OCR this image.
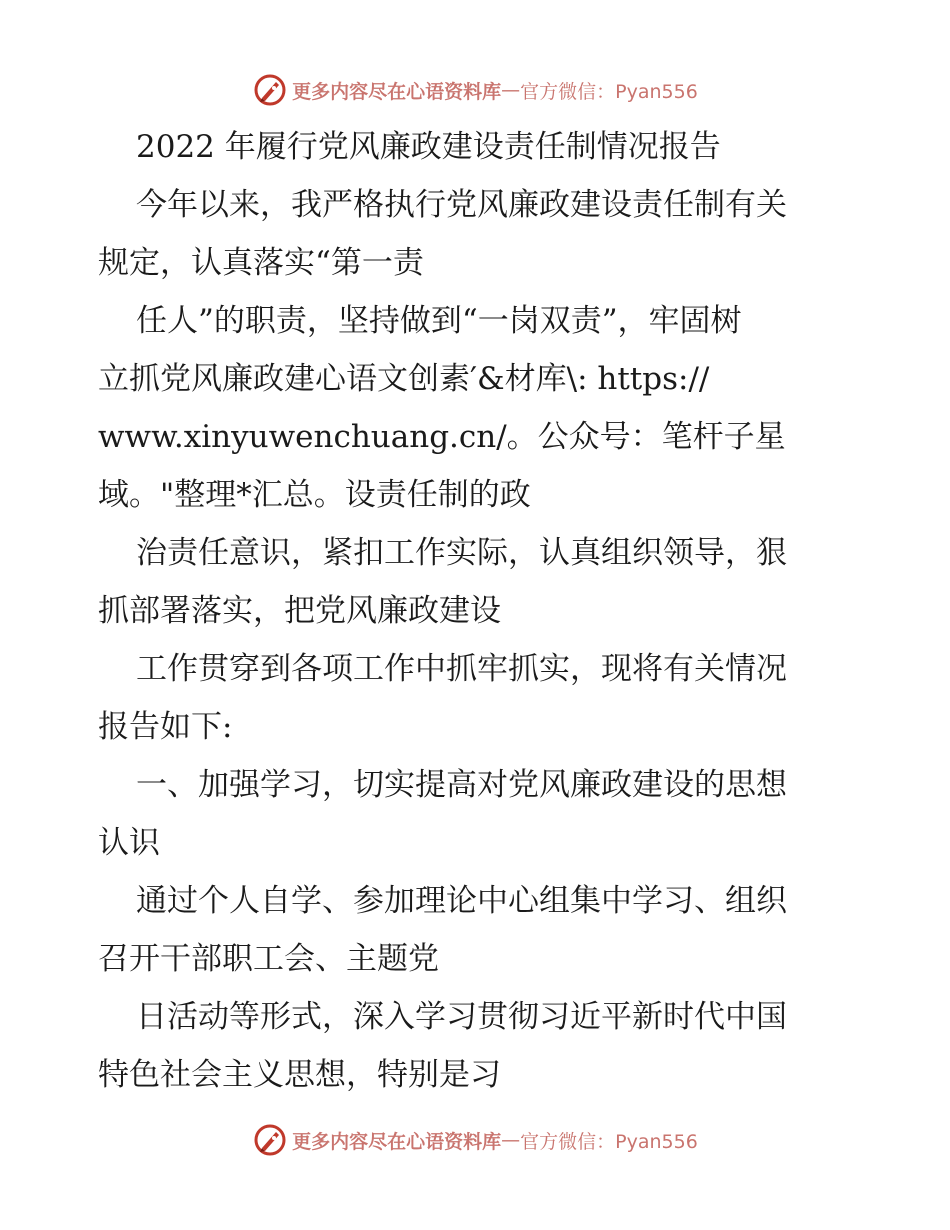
更多内容尽在心语资料库 — 官方微信：Pyan556
2022 年履行党风廉政建设责任制情况报告
今年以来，我严格执行党风廉政建设责任制有关
规定，认真落实“第一责
任人”的职责，坚持做到“一岗双责”，牢固树
立抓党风廉政建心语文创素′&材库\: https://
www.xinyuwenchuang.cn/。公众号：笔杆子星
域。"整理*汇总。设责任制的政
治责任意识，紧扣工作实际，认真组织领导，狠
抓部署落实，把党风廉政建设
工作贯穿到各项工作中抓牢抓实，现将有关情况
报告如下:
一、加强学习，切实提高对党风廉政建设的思想
认识
通过个人自学、参加理论中心组集中学习、组织
召开干部职工会、主题党
日活动等形式，深入学习贯彻习近平新时代中国
特色社会主义思想，特别是习
更多内容尽在心语资料库 — 官方微信：Pyan556
